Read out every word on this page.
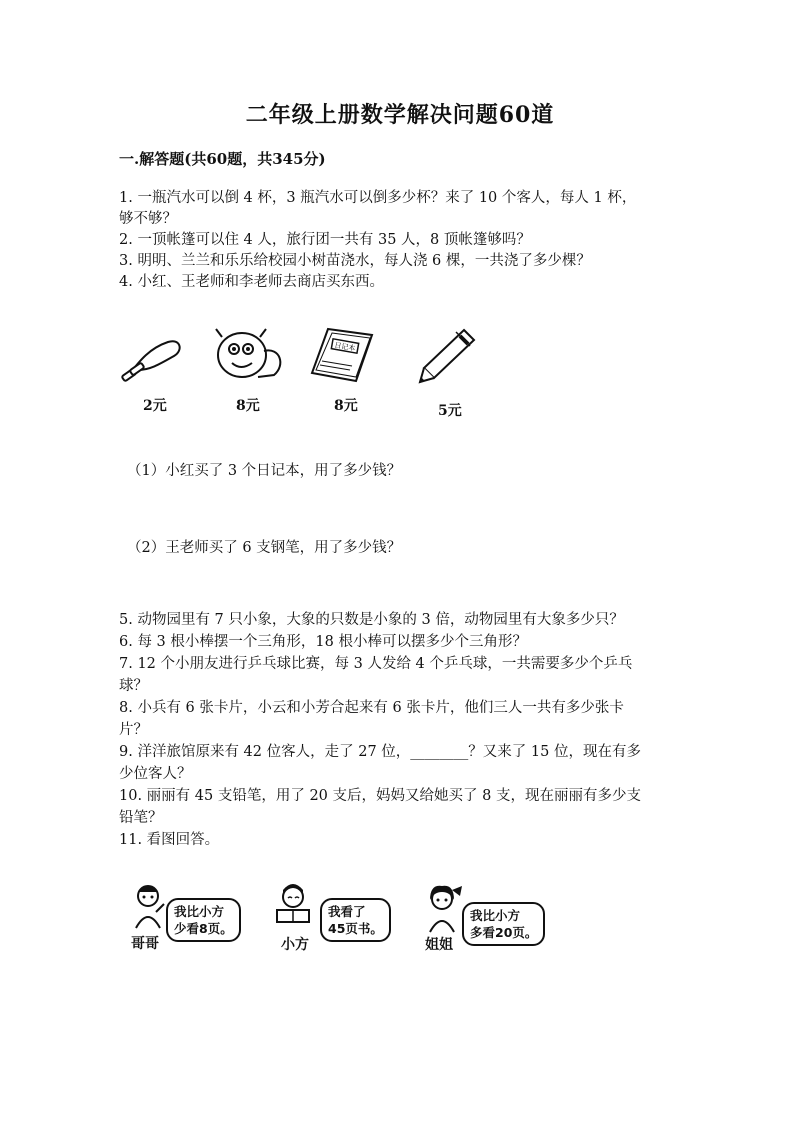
二年级上册数学解决问题60道
一.解答题(共60题，共345分)
1. 一瓶汽水可以倒 4 杯，3 瓶汽水可以倒多少杯？来了 10 个客人，每人 1 杯，
够不够？
2. 一顶帐篷可以住 4 人，旅行团一共有 35 人，8 顶帐篷够吗？
3. 明明、兰兰和乐乐给校园小树苗浇水，每人浇 6 棵，一共浇了多少棵？
4. 小红、王老师和李老师去商店买东西。
2元	8元
日记本
8元	5元
（1）小红买了 3 个日记本，用了多少钱？
（2）王老师买了 6 支钢笔，用了多少钱？
5. 动物园里有 7 只小象，大象的只数是小象的 3 倍，动物园里有大象多少只？
6. 每 3 根小棒摆一个三角形，18 根小棒可以摆多少个三角形？
7. 12 个小朋友进行乒乓球比赛，每 3 人发给 4 个乒乓球，一共需要多少个乒乓
球？
8. 小兵有 6 张卡片，小云和小芳合起来有 6 张卡片，他们三人一共有多少张卡
片？
9. 洋洋旅馆原来有 42 位客人，走了 27 位，________？又来了 15 位，现在有多
少位客人？
10. 丽丽有 45 支铅笔，用了 20 支后，妈妈又给她买了 8 支，现在丽丽有多少支
铅笔？
11. 看图回答。
哥哥
我比小方
少看8页。
小方
我看了
45页书。
姐姐
我比小方
多看20页。
